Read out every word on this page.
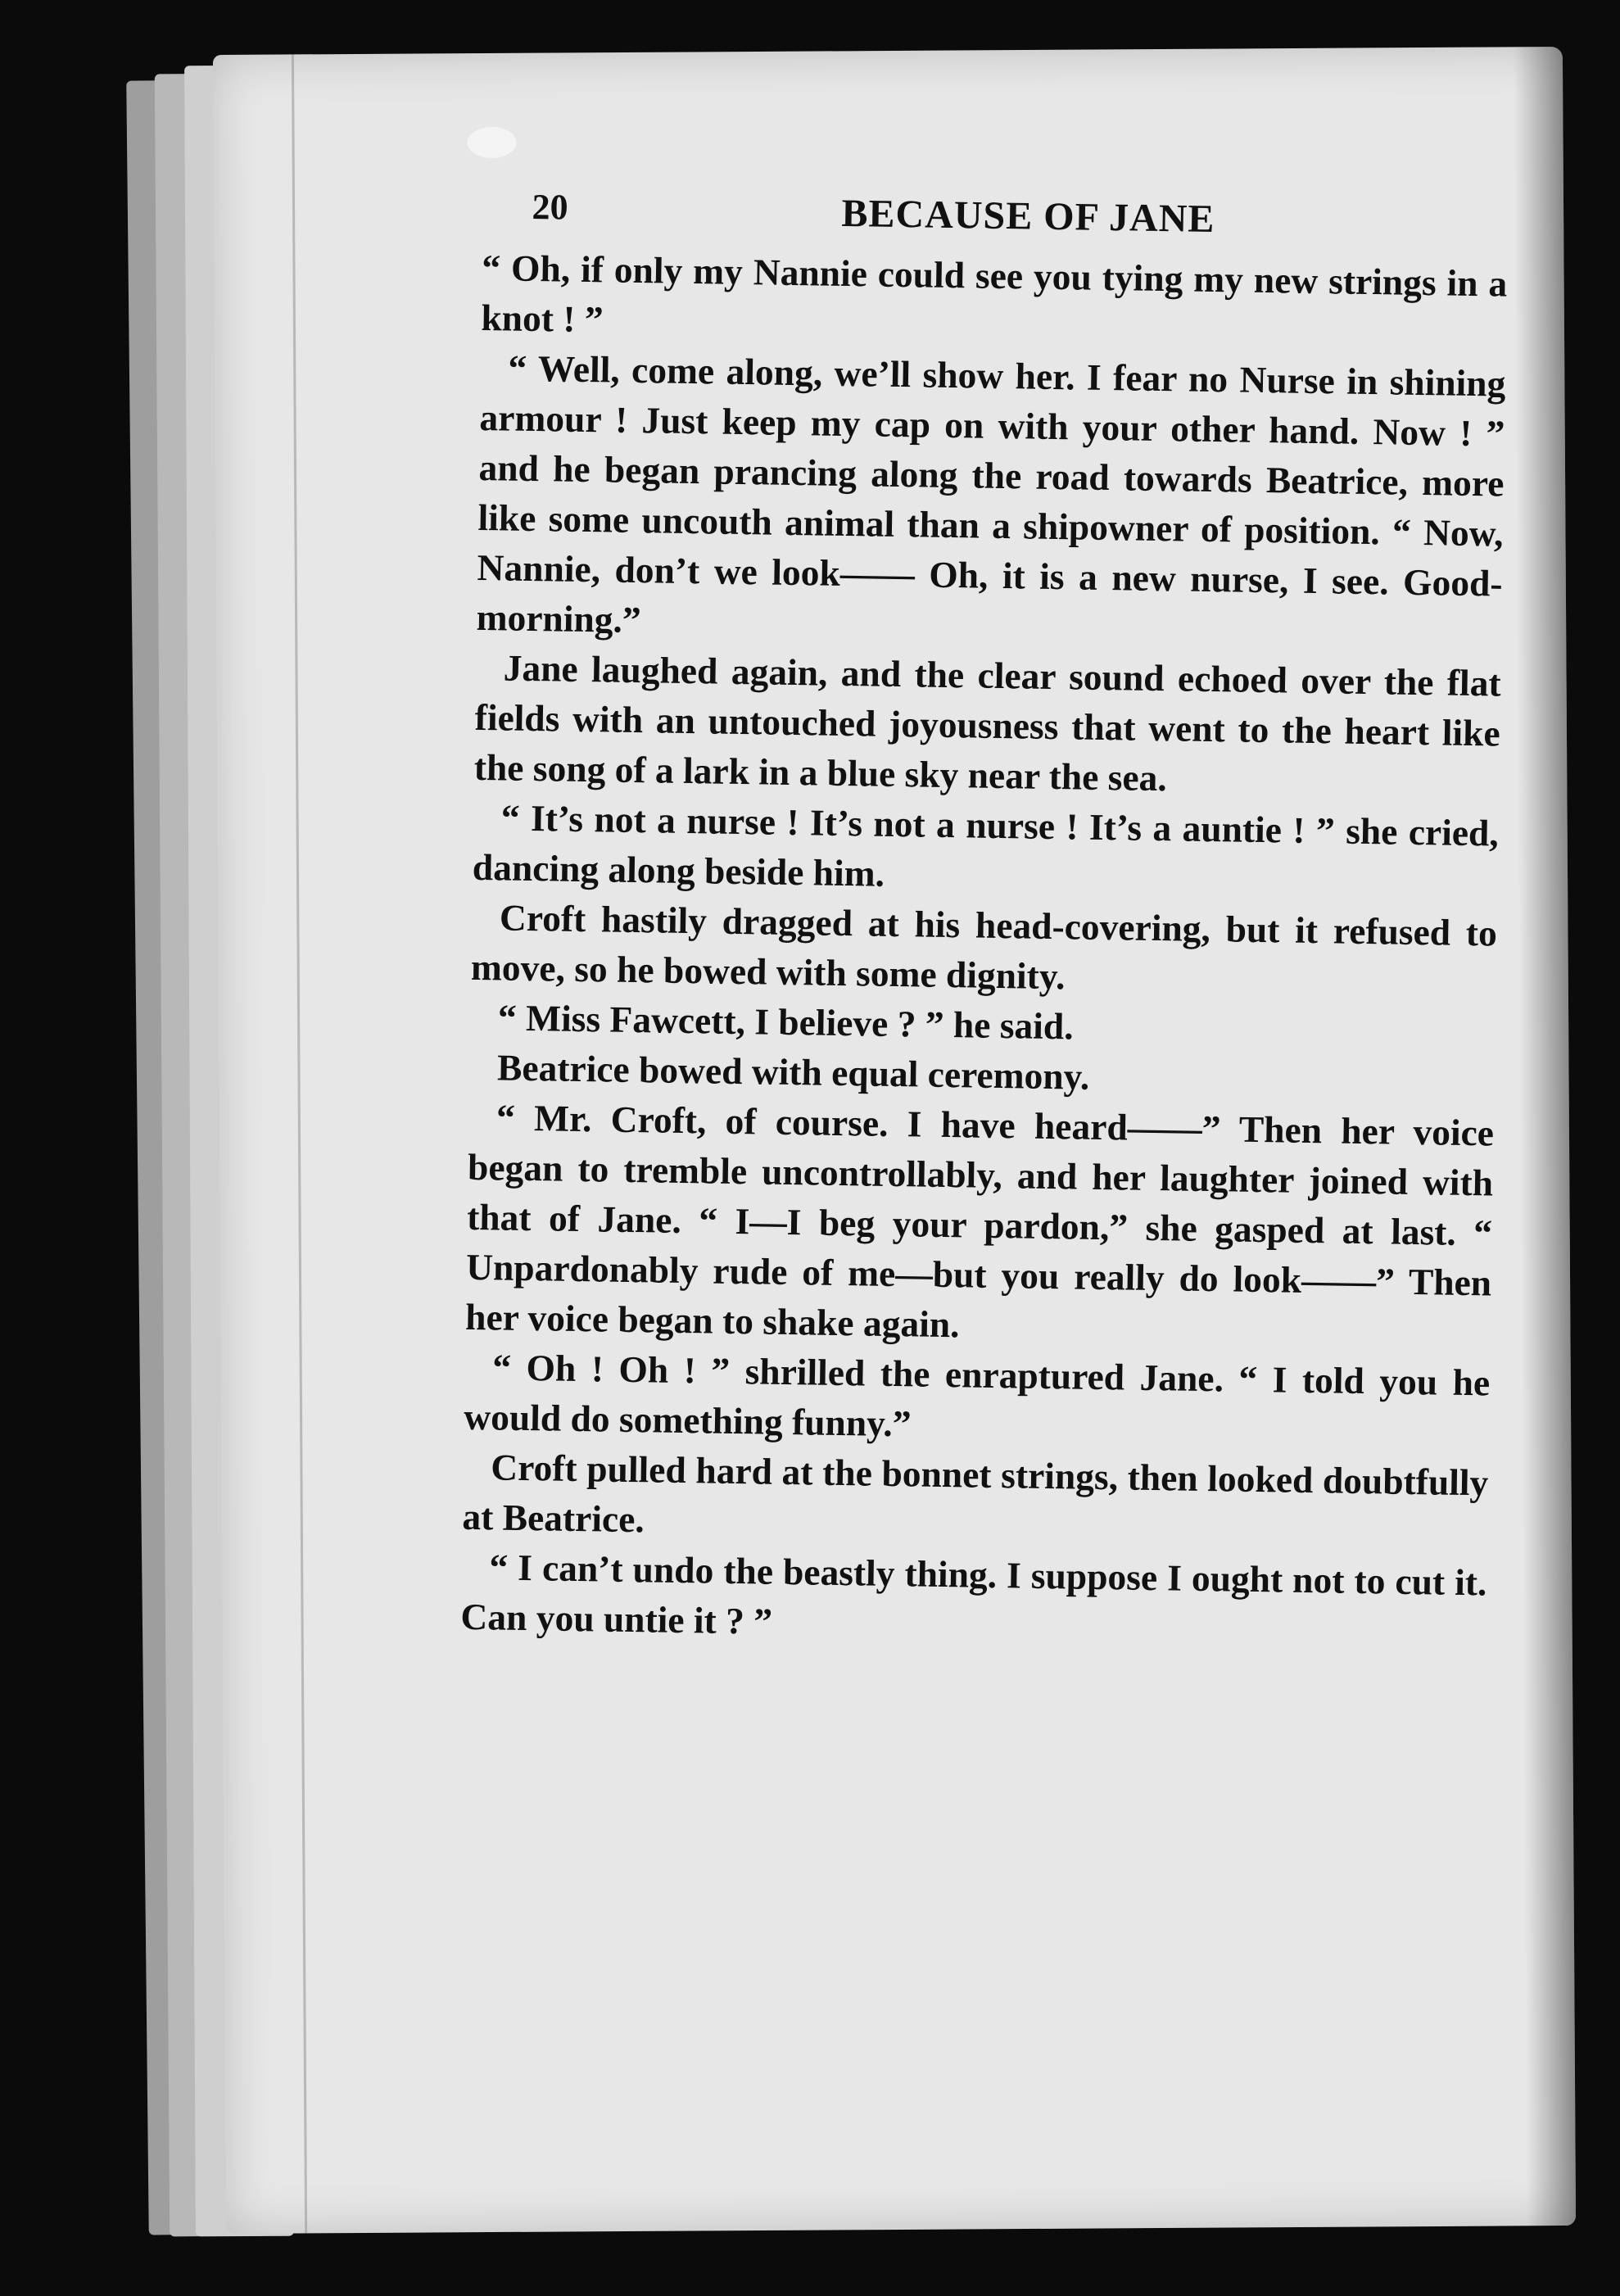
20	BECAUSE OF JANE

“ Oh, if only my Nannie could see you tying my new strings in a knot ! ”

“ Well, come along, we’ll show her. I fear no Nurse in shining armour ! Just keep my cap on with your other hand. Now ! ” and he began prancing along the road towards Beatrice, more like some uncouth animal than a shipowner of position. “ Now, Nannie, don’t we look—— Oh, it is a new nurse, I see. Good-morning.”

Jane laughed again, and the clear sound echoed over the flat fields with an untouched joyousness that went to the heart like the song of a lark in a blue sky near the sea.

“ It’s not a nurse ! It’s not a nurse ! It’s a auntie ! ” she cried, dancing along beside him.

Croft hastily dragged at his head-covering, but it refused to move, so he bowed with some dignity.

“ Miss Fawcett, I believe ? ” he said.

Beatrice bowed with equal ceremony.

“ Mr. Croft, of course. I have heard——” Then her voice began to tremble uncontrollably, and her laughter joined with that of Jane. “ I—I beg your pardon,” she gasped at last. “ Unpardonably rude of me—but you really do look——” Then her voice began to shake again.

“ Oh ! Oh ! ” shrilled the enraptured Jane. “ I told you he would do something funny.”

Croft pulled hard at the bonnet strings, then looked doubtfully at Beatrice.

“ I can’t undo the beastly thing. I suppose I ought not to cut it. Can you untie it ? ”
